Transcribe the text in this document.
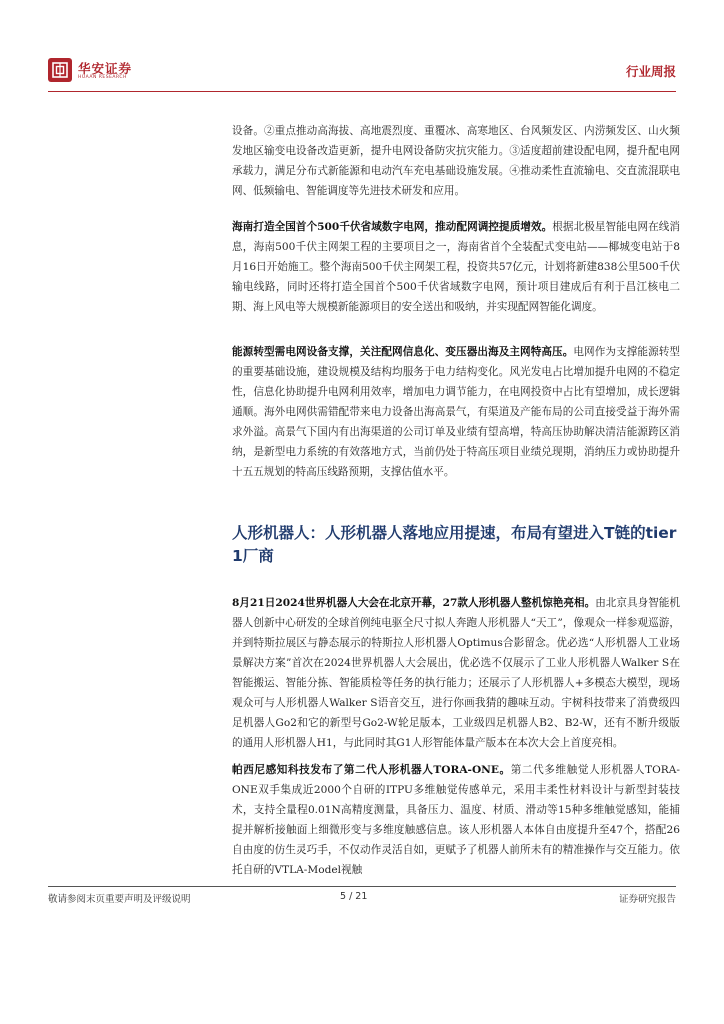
华安证券
HUAAN RESEARCH	行业周报

设备。②重点推动高海拔、高地震烈度、重覆冰、高寒地区、台风频发区、内涝频发区、山火频发地区输变电设备改造更新，提升电网设备防灾抗灾能力。③适度超前建设配电网，提升配电网承载力，满足分布式新能源和电动汽车充电基础设施发展。④推动柔性直流输电、交直流混联电网、低频输电、智能调度等先进技术研发和应用。

海南打造全国首个500千伏省域数字电网，推动配网调控提质增效。根据北极星智能电网在线消息，海南500千伏主网架工程的主要项目之一，海南省首个全装配式变电站——椰城变电站于8月16日开始施工。整个海南500千伏主网架工程，投资共57亿元，计划将新建838公里500千伏输电线路，同时还将打造全国首个500千伏省域数字电网，预计项目建成后有利于昌江核电二期、海上风电等大规模新能源项目的安全送出和吸纳，并实现配网智能化调度。

能源转型需电网设备支撑，关注配网信息化、变压器出海及主网特高压。电网作为支撑能源转型的重要基础设施，建设规模及结构均服务于电力结构变化。风光发电占比增加提升电网的不稳定性，信息化协助提升电网利用效率，增加电力调节能力，在电网投资中占比有望增加，成长逻辑通顺。海外电网供需错配带来电力设备出海高景气，有渠道及产能布局的公司直接受益于海外需求外溢。高景气下国内有出海渠道的公司订单及业绩有望高增，特高压协助解决清洁能源跨区消纳，是新型电力系统的有效落地方式，当前仍处于特高压项目业绩兑现期，消纳压力或协助提升十五五规划的特高压线路预期，支撑估值水平。

人形机器人：人形机器人落地应用提速，布局有望进入T链的tier 1厂商

8月21日2024世界机器人大会在北京开幕，27款人形机器人整机惊艳亮相。由北京具身智能机器人创新中心研发的全球首例纯电驱全尺寸拟人奔跑人形机器人“天工”，像观众一样参观巡游，并到特斯拉展区与静态展示的特斯拉人形机器人Optimus合影留念。优必选“人形机器人工业场景解决方案”首次在2024世界机器人大会展出，优必选不仅展示了工业人形机器人Walker S在智能搬运、智能分拣、智能质检等任务的执行能力；还展示了人形机器人+多模态大模型，现场观众可与人形机器人Walker S语音交互，进行你画我猜的趣味互动。宇树科技带来了消费级四足机器人Go2和它的新型号Go2-W轮足版本，工业级四足机器人B2、B2-W，还有不断升级版的通用人形机器人H1，与此同时其G1人形智能体量产版本在本次大会上首度亮相。

帕西尼感知科技发布了第二代人形机器人TORA-ONE。第二代多维触觉人形机器人TORA-ONE双手集成近2000个自研的ITPU多维触觉传感单元，采用丰柔性材料设计与新型封装技术，支持全量程0.01N高精度测量，具备压力、温度、材质、滑动等15种多维触觉感知，能捕捉并解析接触面上细微形变与多维度触感信息。该人形机器人本体自由度提升至47个，搭配26自由度的仿生灵巧手，不仅动作灵活自如，更赋予了机器人前所未有的精准操作与交互能力。依托自研的VTLA-Model视触

敬请参阅末页重要声明及评级说明	5 / 21	证券研究报告
